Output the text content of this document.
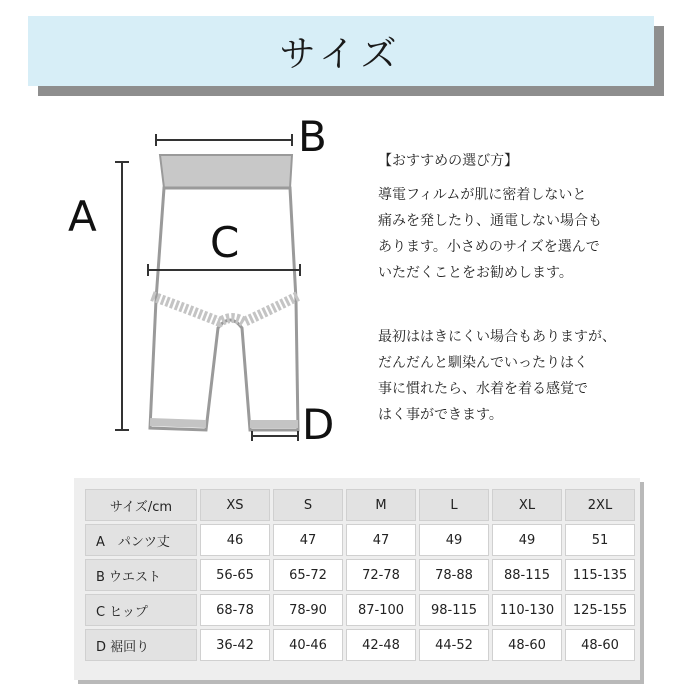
サイズ
A
B
C
D

【おすすめの選び方】

導電フィルムが肌に密着しないと

痛みを発したり、通電しない場合も

あります。小さめのサイズを選んで

いただくことをお勧めします。

最初ははきにくい場合もありますが、

だんだんと馴染んでいったりはく

事に慣れたら、水着を着る感覚で

はく事ができます。

サイズ/cm	XS	S	M	L	XL	2XL
A　パンツ丈	46	47	47	49	49	51
B ウエスト	56-65	65-72	72-78	78-88	88-115	115-135
C ヒップ	68-78	78-90	87-100	98-115	110-130	125-155
D 裾回り	36-42	40-46	42-48	44-52	48-60	48-60
